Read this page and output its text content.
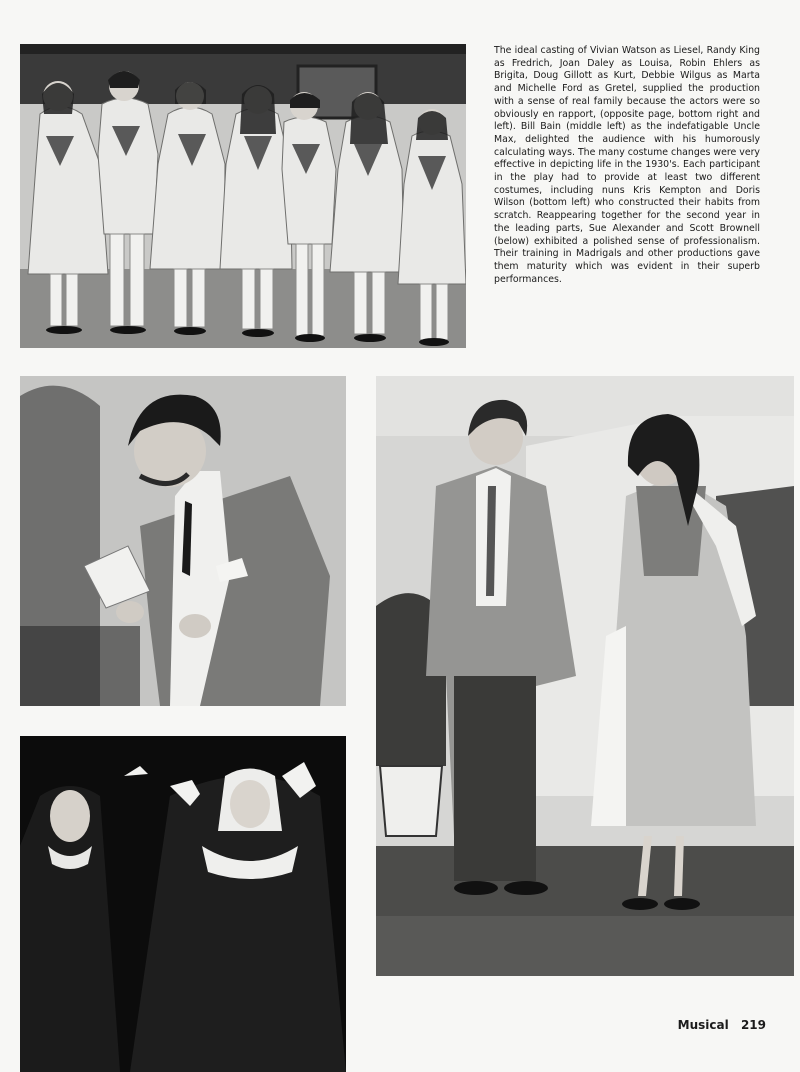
The ideal casting of Vivian Watson as Liesel, Randy King as Fredrich, Joan Daley as Louisa, Robin Ehlers as Brigita, Doug Gillott as Kurt, Debbie Wilgus as Marta and Michelle Ford as Gretel, supplied the production with a sense of real family because the actors were so obviously en rapport, (opposite page, bottom right and left). Bill Bain (middle left) as the indefatigable Uncle Max, delighted the audience with his humorously calculating ways. The many costume changes were very effective in depicting life in the 1930's. Each participant in the play had to provide at least two different costumes, including nuns Kris Kempton and Doris Wilson (bottom left) who constructed their habits from scratch. Reappearing together for the second year in the leading parts, Sue Alexander and Scott Brownell (below) exhibited a polished sense of professionalism. Their training in Madrigals and other productions gave them maturity which was evident in their superb performances.

Musical 219
